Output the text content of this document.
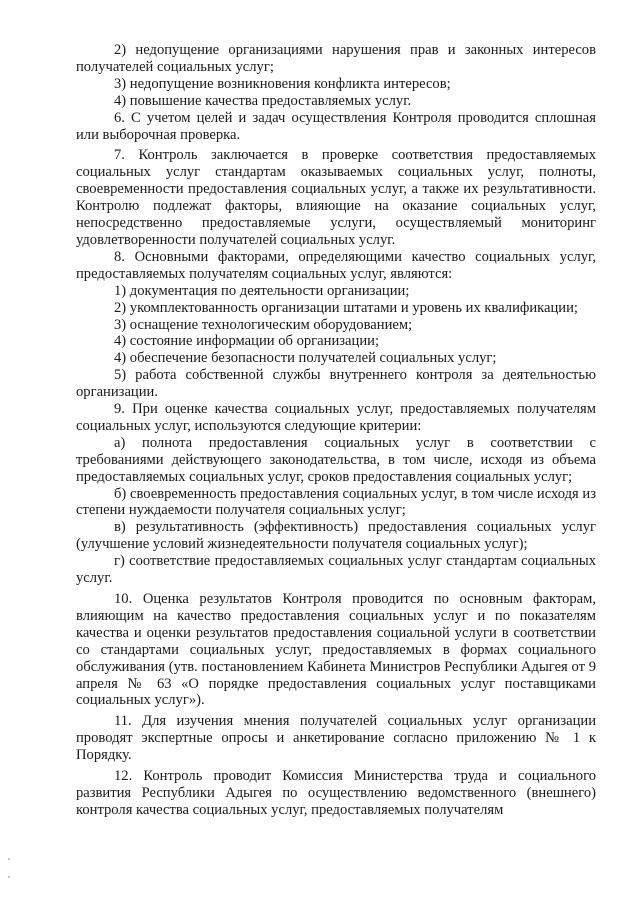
2) недопущение организациями нарушения прав и законных интересов получателей социальных услуг;

3) недопущение возникновения конфликта интересов;

4) повышение качества предоставляемых услуг.

6. С учетом целей и задач осуществления Контроля проводится сплошная или выборочная проверка.

7. Контроль заключается в проверке соответствия предоставляемых социальных услуг стандартам оказываемых социальных услуг, полноты, своевременности предоставления социальных услуг, а также их результативности. Контролю подлежат факторы, влияющие на оказание социальных услуг, непосредственно предоставляемые услуги, осуществляемый мониторинг удовлетворенности получателей социальных услуг.

8. Основными факторами, определяющими качество социальных услуг, предоставляемых получателям социальных услуг, являются:

1) документация по деятельности организации;

2) укомплектованность организации штатами и уровень их квалификации;

3) оснащение технологическим оборудованием;

4) состояние информации об организации;

4) обеспечение безопасности получателей социальных услуг;

5) работа собственной службы внутреннего контроля за деятельностью организации.

9. При оценке качества социальных услуг, предоставляемых получателям социальных услуг, используются следующие критерии:

а) полнота предоставления социальных услуг в соответствии с требованиями действующего законодательства, в том числе, исходя из объема предоставляемых социальных услуг, сроков предоставления социальных услуг;

б) своевременность предоставления социальных услуг, в том числе исходя из степени нуждаемости получателя социальных услуг;

в) результативность (эффективность) предоставления социальных услуг (улучшение условий жизнедеятельности получателя социальных услуг);

г) соответствие предоставляемых социальных услуг стандартам социальных услуг.

10. Оценка результатов Контроля проводится по основным факторам, влияющим на качество предоставления социальных услуг и по показателям качества и оценки результатов предоставления социальной услуги в соответствии со стандартами социальных услуг, предоставляемых в формах социального обслуживания (утв. постановлением Кабинета Министров Республики Адыгея от 9 апреля № 63 «О порядке предоставления социальных услуг поставщиками социальных услуг»).

11. Для изучения мнения получателей социальных услуг организации проводят экспертные опросы и анкетирование согласно приложению № 1 к Порядку.

12. Контроль проводит Комиссия Министерства труда и социального развития Республики Адыгея по осуществлению ведомственного (внешнего) контроля качества социальных услуг, предоставляемых получателям
